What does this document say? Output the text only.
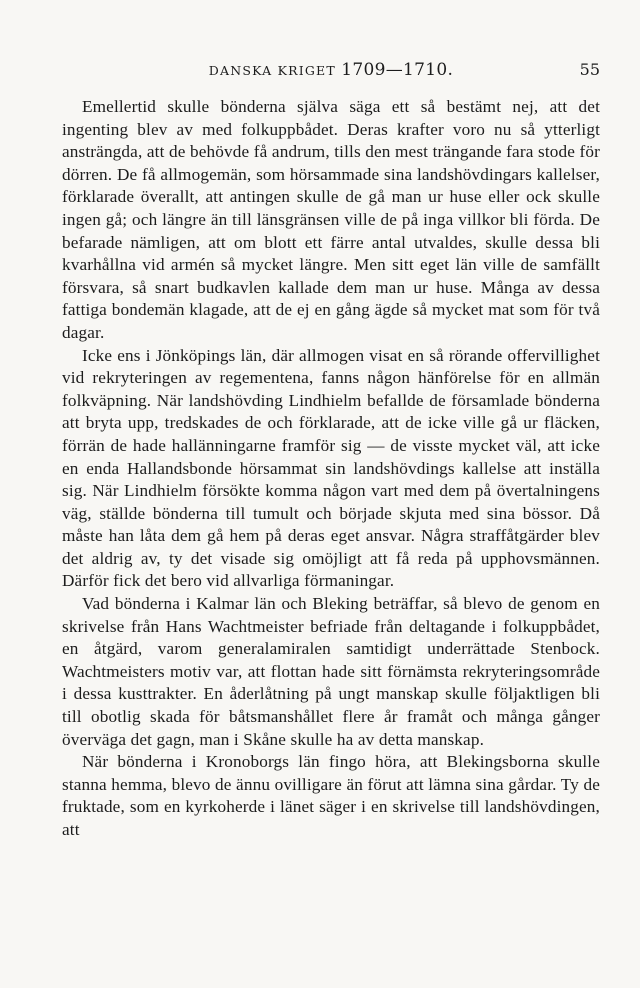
DANSKA KRIGET 1709—1710.	55

Emellertid skulle bönderna själva säga ett så bestämt nej, att det ingenting blev av med folkuppbådet. Deras krafter voro nu så ytterligt ansträngda, att de behövde få andrum, tills den mest trängande fara stode för dörren. De få allmogemän, som hörsammade sina landshövdingars kallelser, förklarade överallt, att antingen skulle de gå man ur huse eller ock skulle ingen gå; och längre än till länsgränsen ville de på inga villkor bli förda. De befarade nämligen, att om blott ett färre antal utvaldes, skulle dessa bli kvarhållna vid armén så mycket längre. Men sitt eget län ville de samfällt försvara, så snart budkavlen kallade dem man ur huse. Många av dessa fattiga bondemän klagade, att de ej en gång ägde så mycket mat som för två dagar.

Icke ens i Jönköpings län, där allmogen visat en så rörande offervillighet vid rekryteringen av regementena, fanns någon hänförelse för en allmän folkväpning. När landshövding Lindhielm befallde de församlade bönderna att bryta upp, tredskades de och förklarade, att de icke ville gå ur fläcken, förrän de hade hallänningarne framför sig — de visste mycket väl, att icke en enda Hallandsbonde hörsammat sin landshövdings kallelse att inställa sig. När Lindhielm försökte komma någon vart med dem på övertalningens väg, ställde bönderna till tumult och började skjuta med sina bössor. Då måste han låta dem gå hem på deras eget ansvar. Några straffåtgärder blev det aldrig av, ty det visade sig omöjligt att få reda på upphovsmännen. Därför fick det bero vid allvarliga förmaningar.

Vad bönderna i Kalmar län och Bleking beträffar, så blevo de genom en skrivelse från Hans Wachtmeister befriade från deltagande i folkuppbådet, en åtgärd, varom generalamiralen samtidigt underrättade Stenbock. Wachtmeisters motiv var, att flottan hade sitt förnämsta rekryteringsområde i dessa kusttrakter. En åderlåtning på ungt manskap skulle följaktligen bli till obotlig skada för båtsmanshållet flere år framåt och många gånger överväga det gagn, man i Skåne skulle ha av detta manskap.

När bönderna i Kronoborgs län fingo höra, att Blekingsborna skulle stanna hemma, blevo de ännu ovilligare än förut att lämna sina gårdar. Ty de fruktade, som en kyrkoherde i länet säger i en skrivelse till landshövdingen, att
